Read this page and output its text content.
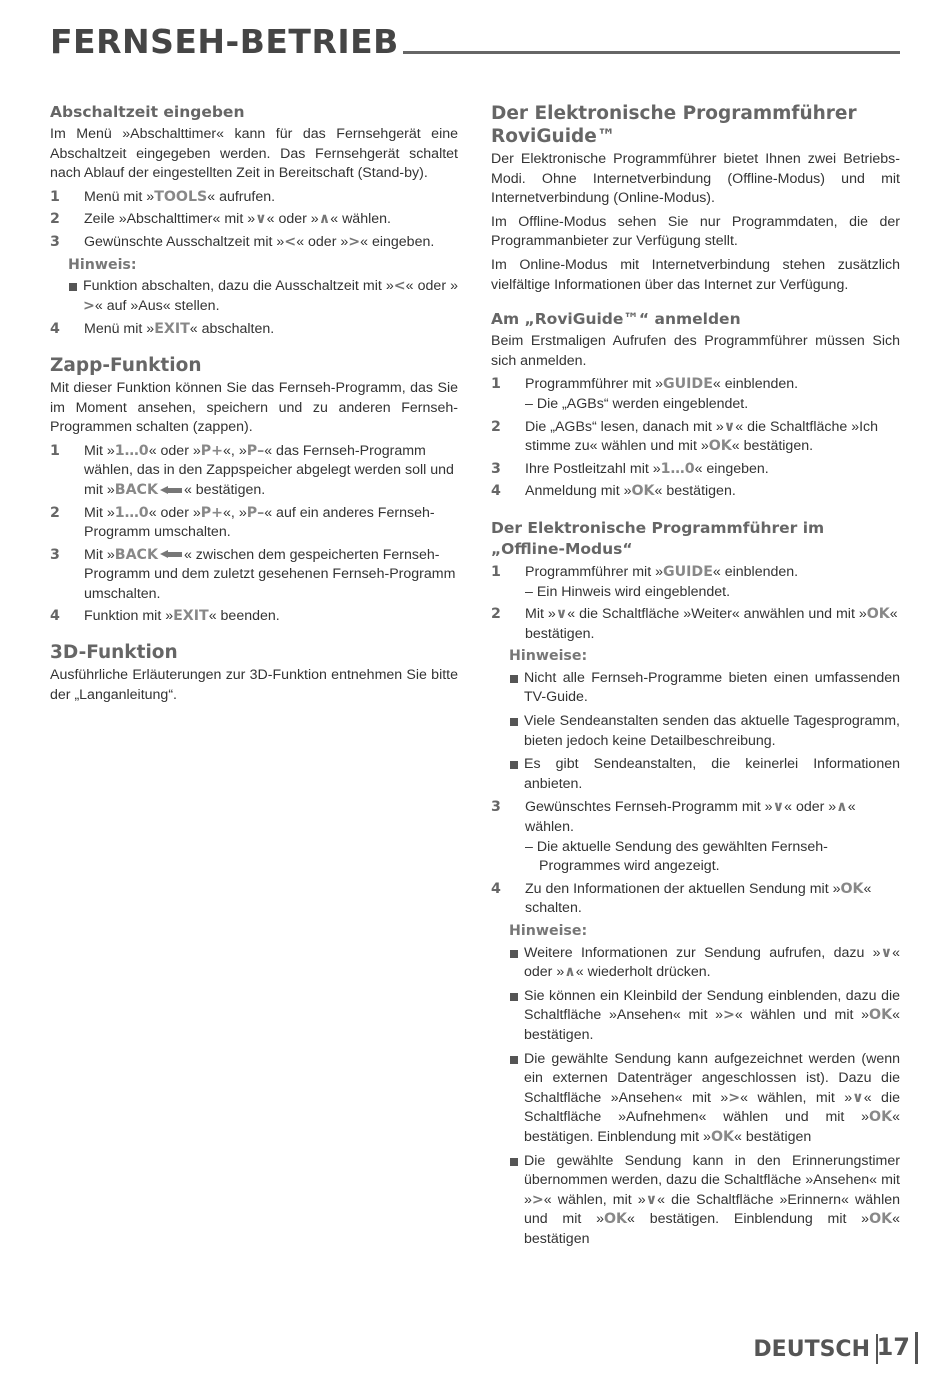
FERNSEH-BETRIEB
Abschaltzeit eingeben

Im Menü »Abschalttimer« kann für das Fernsehgerät eine Abschaltzeit eingegeben werden. Das Fernsehgerät schaltet nach Ablauf der eingestellten Zeit in Bereitschaft (Stand-by).

1 Menü mit »TOOLS« aufrufen.
2 Zeile »Abschalttimer« mit »∨« oder »∧« wählen.
3 Gewünschte Ausschaltzeit mit »<« oder »>« eingeben.
Hinweis:
Funktion abschalten, dazu die Ausschaltzeit mit »<« oder »>« auf »Aus« stellen.
4 Menü mit »EXIT« abschalten.
Zapp-Funktion

Mit dieser Funktion können Sie das Fernseh-Programm, das Sie im Moment ansehen, speichern und zu anderen Fernseh-Programmen schalten (zappen).

1 Mit »1…0« oder »P+«, »P–« das Fernseh-Programm wählen, das in den Zappspeicher abgelegt werden soll und mit »BACK « bestätigen.
2 Mit »1…0« oder »P+«, »P–« auf ein anderes Fernseh-Programm umschalten.
3 Mit »BACK « zwischen dem gespeicherten Fernseh-Programm und dem zuletzt gesehenen Fernseh-Programm umschalten.
4 Funktion mit »EXIT« beenden.
3D-Funktion

Ausführliche Erläuterungen zur 3D-Funktion entnehmen Sie bitte der „Langanleitung“.

Der Elektronische Programmführer RoviGuide™

Der Elektronische Programmführer bietet Ihnen zwei Betriebs-Modi. Ohne Internetverbindung (Offline-Modus) und mit Internetverbindung (Online-Modus).

Im Offline-Modus sehen Sie nur Programmdaten, die der Programmanbieter zur Verfügung stellt.

Im Online-Modus mit Internetverbindung stehen zusätzlich vielfältige Informationen über das Internet zur Verfügung.

Am „RoviGuide™“ anmelden

Beim Erstmaligen Aufrufen des Programmführer müssen Sich sich anmelden.

1 Programmführer mit »GUIDE« einblenden.
– Die „AGBs“ werden eingeblendet.
2 Die „AGBs“ lesen, danach mit »∨« die Schaltfläche »Ich stimme zu« wählen und mit »OK« bestätigen.
3 Ihre Postleitzahl mit »1…0« eingeben.
4 Anmeldung mit »OK« bestätigen.
Der Elektronische Programmführer im „Offline-Modus“
1 Programmführer mit »GUIDE« einblenden.
– Ein Hinweis wird eingeblendet.
2 Mit »∨« die Schaltfläche »Weiter« anwählen und mit »OK« bestätigen.
Hinweise:
Nicht alle Fernseh-Programme bieten einen umfassenden TV-Guide.
Viele Sendeanstalten senden das aktuelle Tagesprogramm, bieten jedoch keine Detailbeschreibung.
Es gibt Sendeanstalten, die keinerlei Informationen anbieten.
3 Gewünschtes Fernseh-Programm mit »∨« oder »∧« wählen.
– Die aktuelle Sendung des gewählten Fernseh-Programmes wird angezeigt.
4 Zu den Informationen der aktuellen Sendung mit »OK« schalten.
Hinweise:
Weitere Informationen zur Sendung aufrufen, dazu »∨« oder »∧« wiederholt drücken.
Sie können ein Kleinbild der Sendung einblenden, dazu die Schaltfläche »Ansehen« mit »>« wählen und mit »OK« bestätigen.
Die gewählte Sendung kann aufgezeichnet werden (wenn ein externen Datenträger angeschlossen ist). Dazu die Schaltfläche »Ansehen« mit »>« wählen, mit »∨« die Schaltfläche »Aufnehmen« wählen und mit »OK« bestätigen. Einblendung mit »OK« bestätigen
Die gewählte Sendung kann in den Erinnerungstimer übernommen werden, dazu die Schaltfläche »Ansehen« mit »>« wählen, mit »∨« die Schaltfläche »Erinnern« wählen und mit »OK« bestätigen. Einblendung mit »OK« bestätigen
DEUTSCH 17
